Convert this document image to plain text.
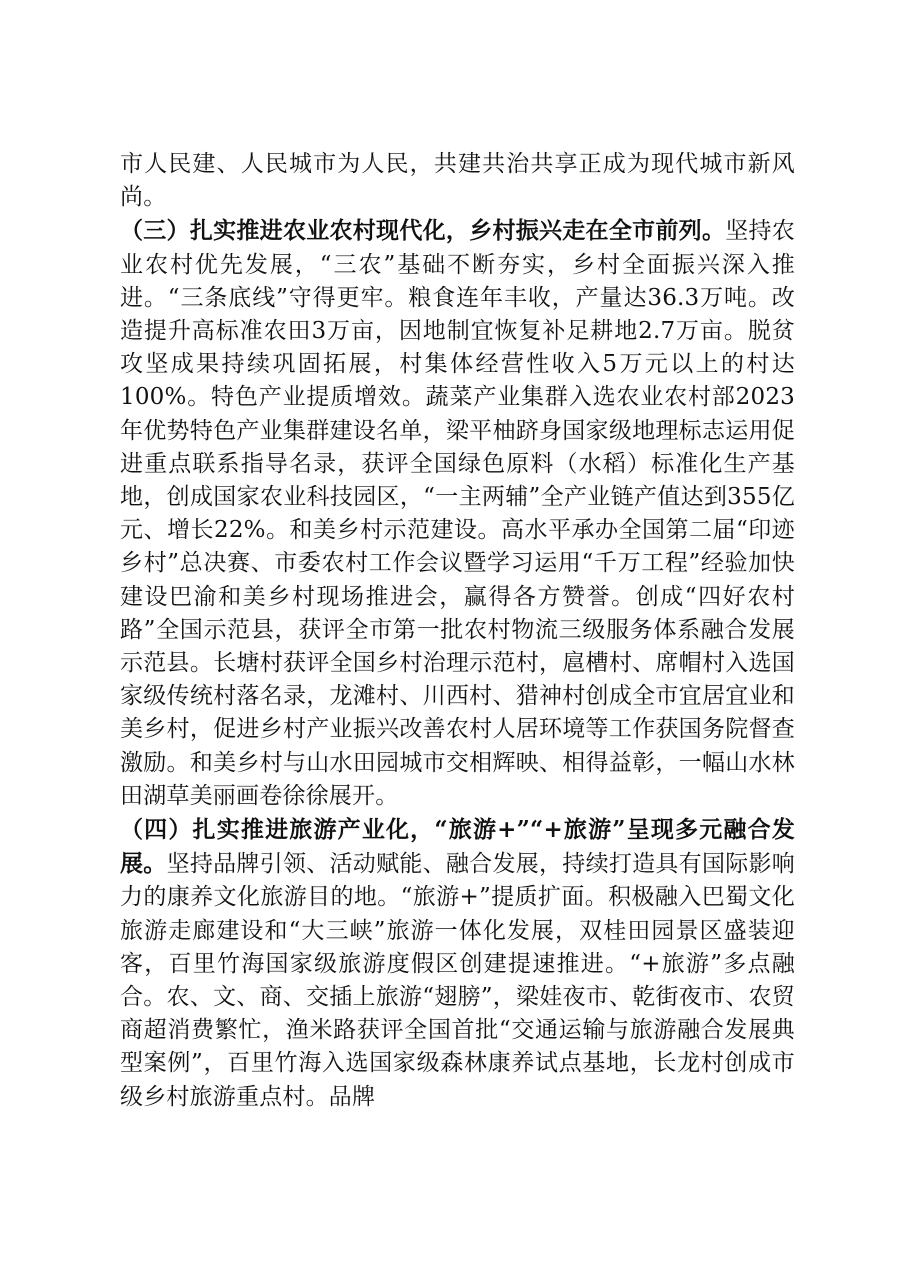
市人民建、人民城市为人民，共建共治共享正成为现代城市新风尚。

（三）扎实推进农业农村现代化，乡村振兴走在全市前列。坚持农业农村优先发展，“三农”基础不断夯实，乡村全面振兴深入推进。“三条底线”守得更牢。粮食连年丰收，产量达36.3万吨。改造提升高标准农田3万亩，因地制宜恢复补足耕地2.7万亩。脱贫攻坚成果持续巩固拓展，村集体经营性收入5万元以上的村达100%。特色产业提质增效。蔬菜产业集群入选农业农村部2023年优势特色产业集群建设名单，梁平柚跻身国家级地理标志运用促进重点联系指导名录，获评全国绿色原料（水稻）标准化生产基地，创成国家农业科技园区，“一主两辅”全产业链产值达到355亿元、增长22%。和美乡村示范建设。高水平承办全国第二届“印迹乡村”总决赛、市委农村工作会议暨学习运用“千万工程”经验加快建设巴渝和美乡村现场推进会，赢得各方赞誉。创成“四好农村路”全国示范县，获评全市第一批农村物流三级服务体系融合发展示范县。长塘村获评全国乡村治理示范村，扈槽村、席帽村入选国家级传统村落名录，龙滩村、川西村、猎神村创成全市宜居宜业和美乡村，促进乡村产业振兴改善农村人居环境等工作获国务院督查激励。和美乡村与山水田园城市交相辉映、相得益彰，一幅山水林田湖草美丽画卷徐徐展开。

（四）扎实推进旅游产业化，“旅游+”“+旅游”呈现多元融合发展。坚持品牌引领、活动赋能、融合发展，持续打造具有国际影响力的康养文化旅游目的地。“旅游+”提质扩面。积极融入巴蜀文化旅游走廊建设和“大三峡”旅游一体化发展，双桂田园景区盛装迎客，百里竹海国家级旅游度假区创建提速推进。“+旅游”多点融合。农、文、商、交插上旅游“翅膀”，梁娃夜市、乾街夜市、农贸商超消费繁忙，渔米路获评全国首批“交通运输与旅游融合发展典型案例”，百里竹海入选国家级森林康养试点基地，长龙村创成市级乡村旅游重点村。品牌
